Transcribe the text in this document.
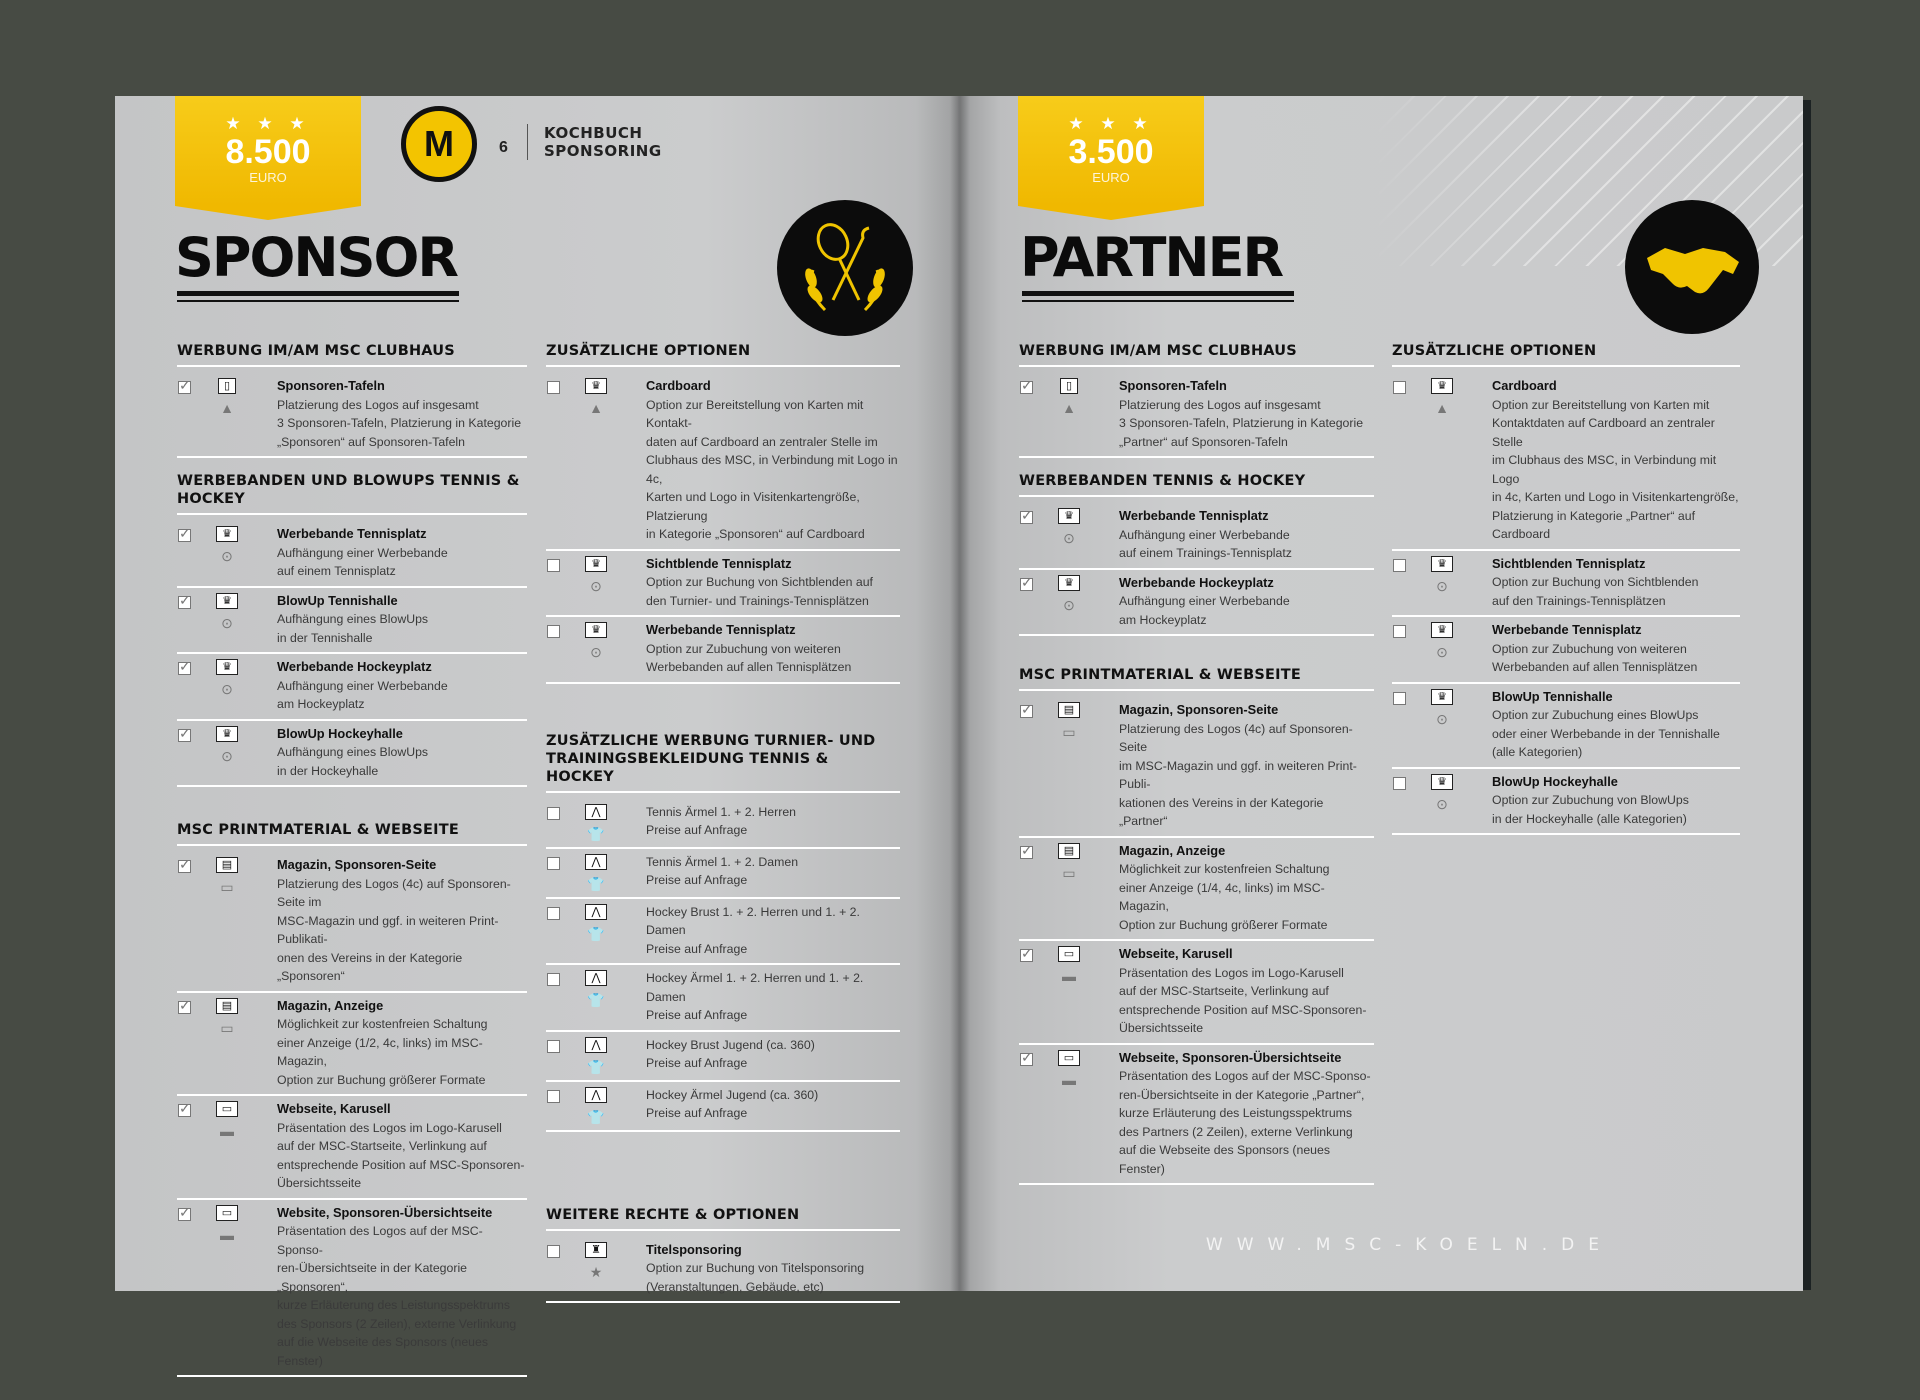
★ ★ ★
8.500
EURO
M	6
KOCHBUCH
SPONSORING
SPONSOR
WERBUNG IM/AM MSC CLUBHAUS
✓
▯
▲
Sponsoren-Tafeln
Platzierung des Logos auf insgesamt
3 Sponsoren-Tafeln, Platzierung in Kategorie
„Sponsoren“ auf Sponsoren-Tafeln
WERBEBANDEN UND BLOWUPS TENNIS & HOCKEY
✓
♛
⊙
Werbebande Tennisplatz
Aufhängung einer Werbebande
auf einem Tennisplatz
✓
♛
⊙
BlowUp Tennishalle
Aufhängung eines BlowUps
in der Tennishalle
✓
♛
⊙
Werbebande Hockeyplatz
Aufhängung einer Werbebande
am Hockeyplatz
✓
♛
⊙
BlowUp Hockeyhalle
Aufhängung eines BlowUps
in der Hockeyhalle
MSC PRINTMATERIAL & WEBSEITE
✓
▤
▭
Magazin, Sponsoren-Seite
Platzierung des Logos (4c) auf Sponsoren-Seite im
MSC-Magazin und ggf. in weiteren Print-Publikati-
onen des Vereins in der Kategorie „Sponsoren“
✓
▤
▭
Magazin, Anzeige
Möglichkeit zur kostenfreien Schaltung
einer Anzeige (1/2, 4c, links) im MSC-Magazin,
Option zur Buchung größerer Formate
✓
▭
▬
Webseite, Karusell
Präsentation des Logos im Logo-Karusell
auf der MSC-Startseite, Verlinkung auf
entsprechende Position auf MSC-Sponsoren-
Übersichtsseite
✓
▭
▬
Website, Sponsoren-Übersichtseite
Präsentation des Logos auf der MSC-Sponso-
ren-Übersichtseite in der Kategorie „Sponsoren“,
kurze Erläuterung des Leistungsspektrums
des Sponsors (2 Zeilen), externe Verlinkung
auf die Webseite des Sponsors (neues Fenster)
ZUSÄTZLICHE OPTIONEN
♛
▲
Cardboard
Option zur Bereitstellung von Karten mit Kontakt-
daten auf Cardboard an zentraler Stelle im
Clubhaus des MSC, in Verbindung mit Logo in 4c,
Karten und Logo in Visitenkartengröße, Platzierung
in Kategorie „Sponsoren“ auf Cardboard
♛
⊙
Sichtblende Tennisplatz
Option zur Buchung von Sichtblenden auf
den Turnier- und Trainings-Tennisplätzen
♛
⊙
Werbebande Tennisplatz
Option zur Zubuchung von weiteren
Werbebanden auf allen Tennisplätzen
ZUSÄTZLICHE WERBUNG TURNIER- UND TRAININGSBEKLEIDUNG TENNIS & HOCKEY
⋀
👕
Tennis Ärmel 1. + 2. Herren
Preise auf Anfrage
⋀
👕
Tennis Ärmel 1. + 2. Damen
Preise auf Anfrage
⋀
👕
Hockey Brust 1. + 2. Herren und 1. + 2. Damen
Preise auf Anfrage
⋀
👕
Hockey Ärmel 1. + 2. Herren und 1. + 2. Damen
Preise auf Anfrage
⋀
👕
Hockey Brust Jugend (ca. 360)
Preise auf Anfrage
⋀
👕
Hockey Ärmel Jugend (ca. 360)
Preise auf Anfrage
WEITERE RECHTE & OPTIONEN
♜
★
Titelsponsoring
Option zur Buchung von Titelsponsoring
(Veranstaltungen, Gebäude, etc)
★ ★ ★
3.500
EURO
PARTNER
WERBUNG IM/AM MSC CLUBHAUS
✓
▯
▲
Sponsoren-Tafeln
Platzierung des Logos auf insgesamt
3 Sponsoren-Tafeln, Platzierung in Kategorie
„Partner“ auf Sponsoren-Tafeln
WERBEBANDEN TENNIS & HOCKEY
✓
♛
⊙
Werbebande Tennisplatz
Aufhängung einer Werbebande
auf einem Trainings-Tennisplatz
✓
♛
⊙
Werbebande Hockeyplatz
Aufhängung einer Werbebande
am Hockeyplatz
MSC PRINTMATERIAL & WEBSEITE
✓
▤
▭
Magazin, Sponsoren-Seite
Platzierung des Logos (4c) auf Sponsoren-Seite
im MSC-Magazin und ggf. in weiteren Print-Publi-
kationen des Vereins in der Kategorie „Partner“
✓
▤
▭
Magazin, Anzeige
Möglichkeit zur kostenfreien Schaltung
einer Anzeige (1/4, 4c, links) im MSC-Magazin,
Option zur Buchung größerer Formate
✓
▭
▬
Webseite, Karusell
Präsentation des Logos im Logo-Karusell
auf der MSC-Startseite, Verlinkung auf
entsprechende Position auf MSC-Sponsoren-
Übersichtsseite
✓
▭
▬
Webseite, Sponsoren-Übersichtseite
Präsentation des Logos auf der MSC-Sponso-
ren-Übersichtseite in der Kategorie „Partner“,
kurze Erläuterung des Leistungsspektrums
des Partners (2 Zeilen), externe Verlinkung
auf die Webseite des Sponsors (neues Fenster)
ZUSÄTZLICHE OPTIONEN
♛
▲
Cardboard
Option zur Bereitstellung von Karten mit
Kontaktdaten auf Cardboard an zentraler Stelle
im Clubhaus des MSC, in Verbindung mit Logo
in 4c, Karten und Logo in Visitenkartengröße,
Platzierung in Kategorie „Partner“ auf Cardboard
♛
⊙
Sichtblenden Tennisplatz
Option zur Buchung von Sichtblenden
auf den Trainings-Tennisplätzen
♛
⊙
Werbebande Tennisplatz
Option zur Zubuchung von weiteren
Werbebanden auf allen Tennisplätzen
♛
⊙
BlowUp Tennishalle
Option zur Zubuchung eines BlowUps
oder einer Werbebande in der Tennishalle
(alle Kategorien)
♛
⊙
BlowUp Hockeyhalle
Option zur Zubuchung von BlowUps
in der Hockeyhalle (alle Kategorien)
WWW.MSC-KOELN.DE
